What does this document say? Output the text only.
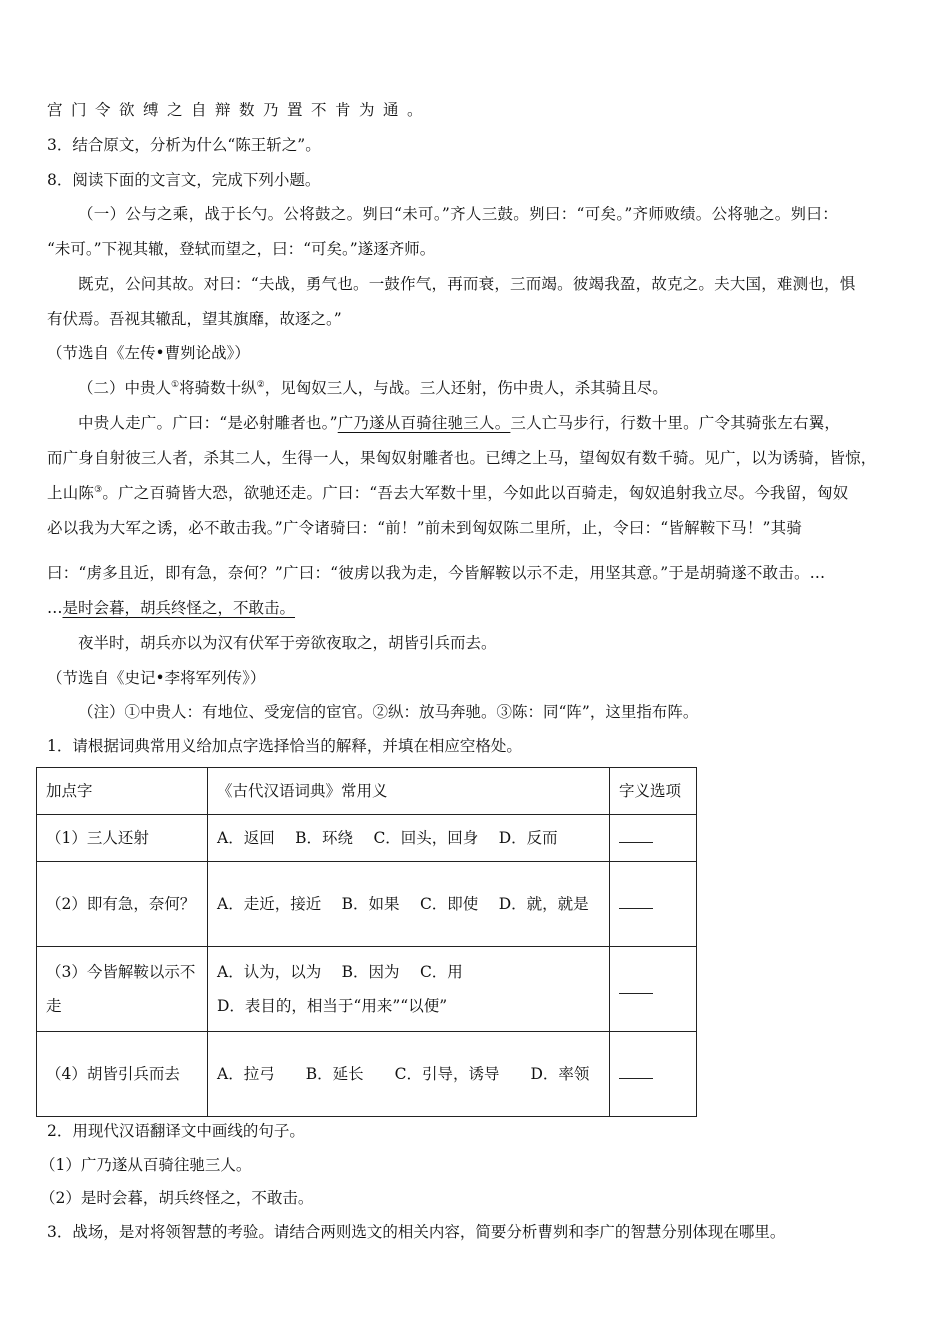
宫门令欲缚之自辩数乃置不肯为通。
3．结合原文，分析为什么“陈王斩之”。
8．阅读下面的文言文，完成下列小题。
（一）公与之乘，战于长勺。公将鼓之。刿曰“未可。”齐人三鼓。刿曰：“可矣。”齐师败绩。公将驰之。刿曰：
“未可。”下视其辙，登轼而望之，曰：“可矣。”遂逐齐师。
既克，公问其故。对曰：“夫战，勇气也。一鼓作气，再而衰，三而竭。彼竭我盈，故克之。夫大国，难测也，惧
有伏焉。吾视其辙乱，望其旗靡，故逐之。”
（节选自《左传•曹刿论战》）
（二）中贵人①将骑数十纵②，见匈奴三人，与战。三人还射，伤中贵人，杀其骑且尽。
中贵人走广。广曰：“是必射雕者也。”广乃遂从百骑往驰三人。三人亡马步行，行数十里。广令其骑张左右翼，
而广身自射彼三人者，杀其二人，生得一人，果匈奴射雕者也。已缚之上马，望匈奴有数千骑。见广，以为诱骑，皆惊，
上山陈③。广之百骑皆大恐，欲驰还走。广曰：“吾去大军数十里，今如此以百骑走，匈奴追射我立尽。今我留，匈奴
必以我为大军之诱，必不敢击我。”广令诸骑曰：“前！”前未到匈奴陈二里所，止，令曰：“皆解鞍下马！”其骑
曰：“虏多且近，即有急，奈何？”广曰：“彼虏以我为走，今皆解鞍以示不走，用坚其意。”于是胡骑遂不敢击。…
…是时会暮，胡兵终怪之，不敢击。
夜半时，胡兵亦以为汉有伏军于旁欲夜取之，胡皆引兵而去。
（节选自《史记•李将军列传》）
（注）①中贵人：有地位、受宠信的宦官。②纵：放马奔驰。③陈：同“阵”，这里指布阵。
1．请根据词典常用义给加点字选择恰当的解释，并填在相应空格处。
加点字	《古代汉语词典》常用义	字义选项
（1）三人还射	A．返回　 B．环绕　 C．回头，回身　 D．反而	
（2）即有急，奈何？	A．走近，接近　 B．如果　 C．即使　 D．就，就是	
（3）今皆解鞍以示不走	A．认为，以为　 B．因为　 C．用
D．表目的，相当于“用来”“以便”	

（4）胡皆引兵而去	A．拉弓　　B．延长　　C．引导，诱导　　D．率领	
2．用现代汉语翻译文中画线的句子。
（1）广乃遂从百骑往驰三人。
（2）是时会暮，胡兵终怪之，不敢击。
3．战场，是对将领智慧的考验。请结合两则选文的相关内容，简要分析曹刿和李广的智慧分别体现在哪里。
